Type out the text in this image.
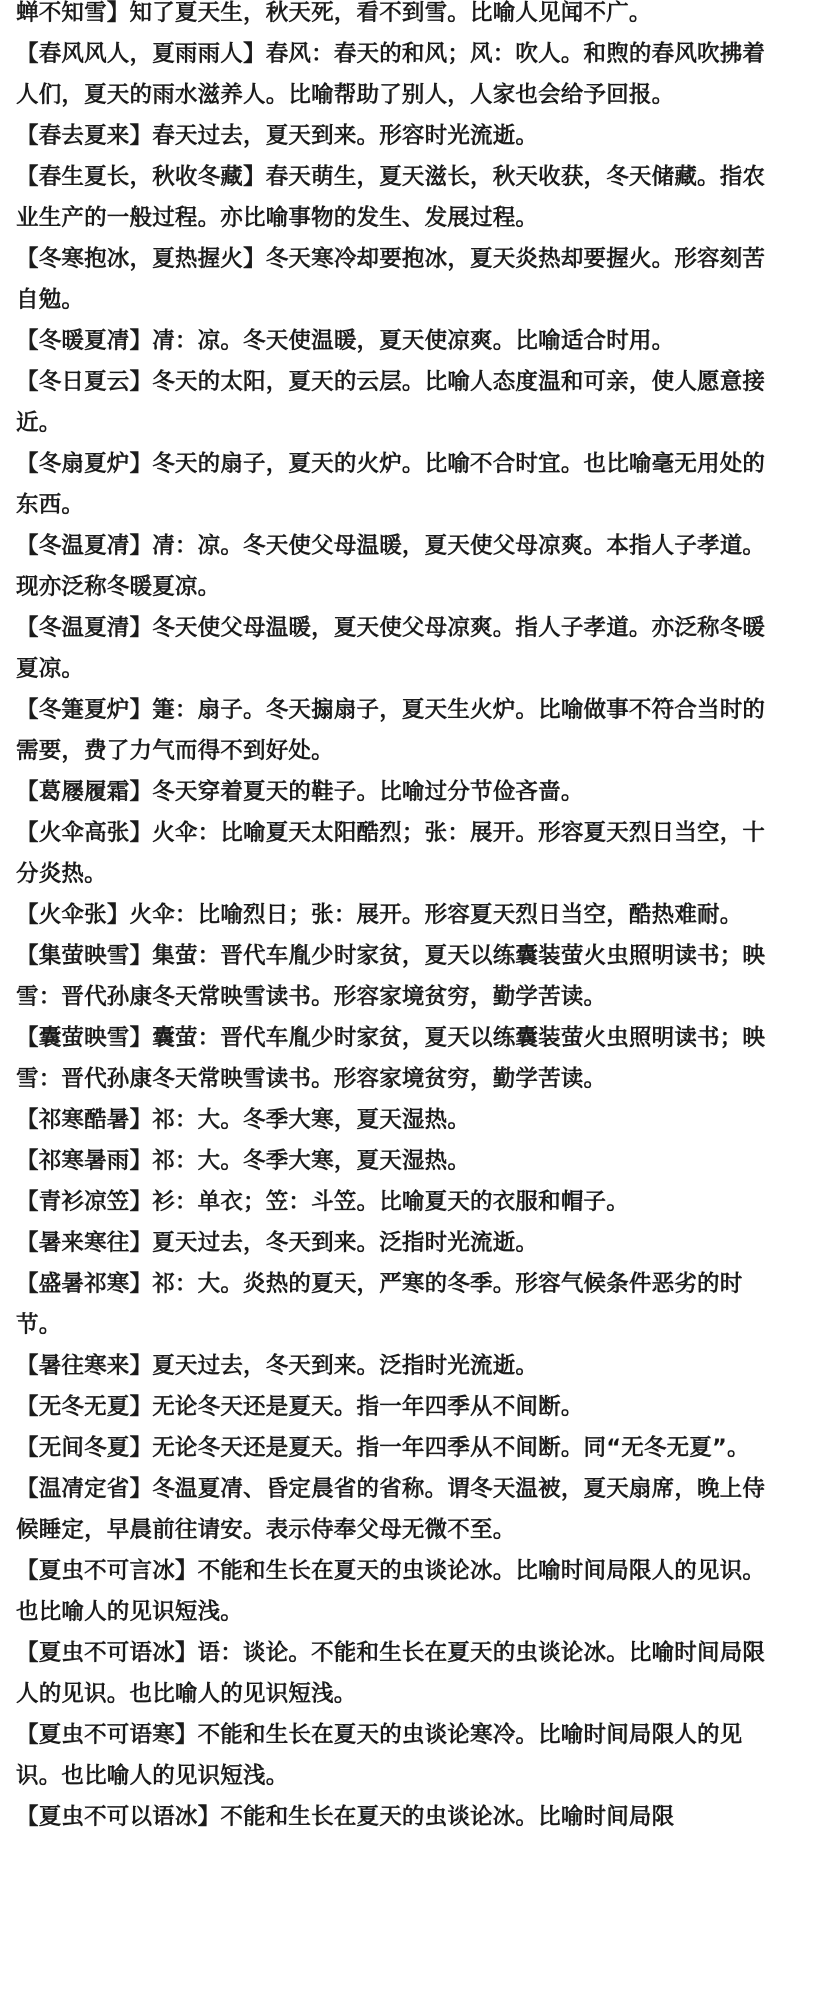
蝉不知雪】知了夏天生，秋天死，看不到雪。比喻人见闻不广。

【春风风人，夏雨雨人】春风：春天的和风；风：吹人。和煦的春风吹拂着人们，夏天的雨水滋养人。比喻帮助了别人，人家也会给予回报。

【春去夏来】春天过去，夏天到来。形容时光流逝。

【春生夏长，秋收冬藏】春天萌生，夏天滋长，秋天收获，冬天储藏。指农业生产的一般过程。亦比喻事物的发生、发展过程。

【冬寒抱冰，夏热握火】冬天寒冷却要抱冰，夏天炎热却要握火。形容刻苦自勉。

【冬暖夏凊】凊：凉。冬天使温暖，夏天使凉爽。比喻适合时用。

【冬日夏云】冬天的太阳，夏天的云层。比喻人态度温和可亲，使人愿意接近。

【冬扇夏炉】冬天的扇子，夏天的火炉。比喻不合时宜。也比喻毫无用处的东西。

【冬温夏凊】凊：凉。冬天使父母温暖，夏天使父母凉爽。本指人子孝道。现亦泛称冬暖夏凉。

【冬温夏清】冬天使父母温暖，夏天使父母凉爽。指人子孝道。亦泛称冬暖夏凉。

【冬箑夏炉】箑：扇子。冬天搧扇子，夏天生火炉。比喻做事不符合当时的需要，费了力气而得不到好处。

【葛屦履霜】冬天穿着夏天的鞋子。比喻过分节俭吝啬。

【火伞高张】火伞：比喻夏天太阳酷烈；张：展开。形容夏天烈日当空，十分炎热。

【火伞张】火伞：比喻烈日；张：展开。形容夏天烈日当空，酷热难耐。

【集萤映雪】集萤：晋代车胤少时家贫，夏天以练囊装萤火虫照明读书；映雪：晋代孙康冬天常映雪读书。形容家境贫穷，勤学苦读。

【囊萤映雪】囊萤：晋代车胤少时家贫，夏天以练囊装萤火虫照明读书；映雪：晋代孙康冬天常映雪读书。形容家境贫穷，勤学苦读。

【祁寒酷暑】祁：大。冬季大寒，夏天湿热。

【祁寒暑雨】祁：大。冬季大寒，夏天湿热。

【青衫凉笠】衫：单衣；笠：斗笠。比喻夏天的衣服和帽子。

【暑来寒往】夏天过去，冬天到来。泛指时光流逝。

【盛暑祁寒】祁：大。炎热的夏天，严寒的冬季。形容气候条件恶劣的时节。

【暑往寒来】夏天过去，冬天到来。泛指时光流逝。

【无冬无夏】无论冬天还是夏天。指一年四季从不间断。

【无间冬夏】无论冬天还是夏天。指一年四季从不间断。同“无冬无夏”。

【温凊定省】冬温夏凊、昏定晨省的省称。谓冬天温被，夏天扇席，晚上侍候睡定，早晨前往请安。表示侍奉父母无微不至。

【夏虫不可言冰】不能和生长在夏天的虫谈论冰。比喻时间局限人的见识。也比喻人的见识短浅。

【夏虫不可语冰】语：谈论。不能和生长在夏天的虫谈论冰。比喻时间局限人的见识。也比喻人的见识短浅。

【夏虫不可语寒】不能和生长在夏天的虫谈论寒冷。比喻时间局限人的见识。也比喻人的见识短浅。

【夏虫不可以语冰】不能和生长在夏天的虫谈论冰。比喻时间局限
